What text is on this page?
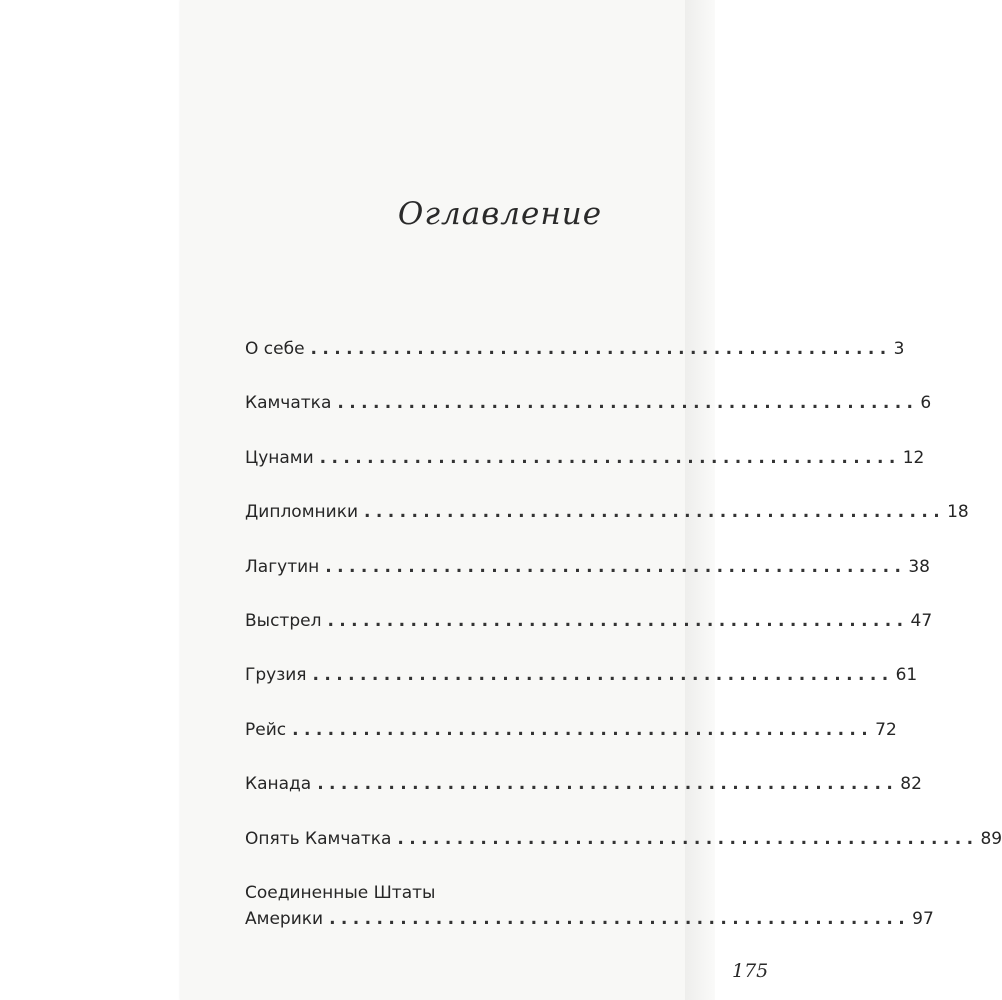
Оглавление
О себе ................................................. 3
Камчатка ................................................. 6
Цунами ................................................. 12
Дипломники ................................................. 18
Лагутин ................................................. 38
Выстрел ................................................. 47
Грузия ................................................. 61
Рейс ................................................. 72
Канада ................................................. 82
Опять Камчатка ................................................. 89
Соединенные Штаты
Америки ................................................. 97

175
